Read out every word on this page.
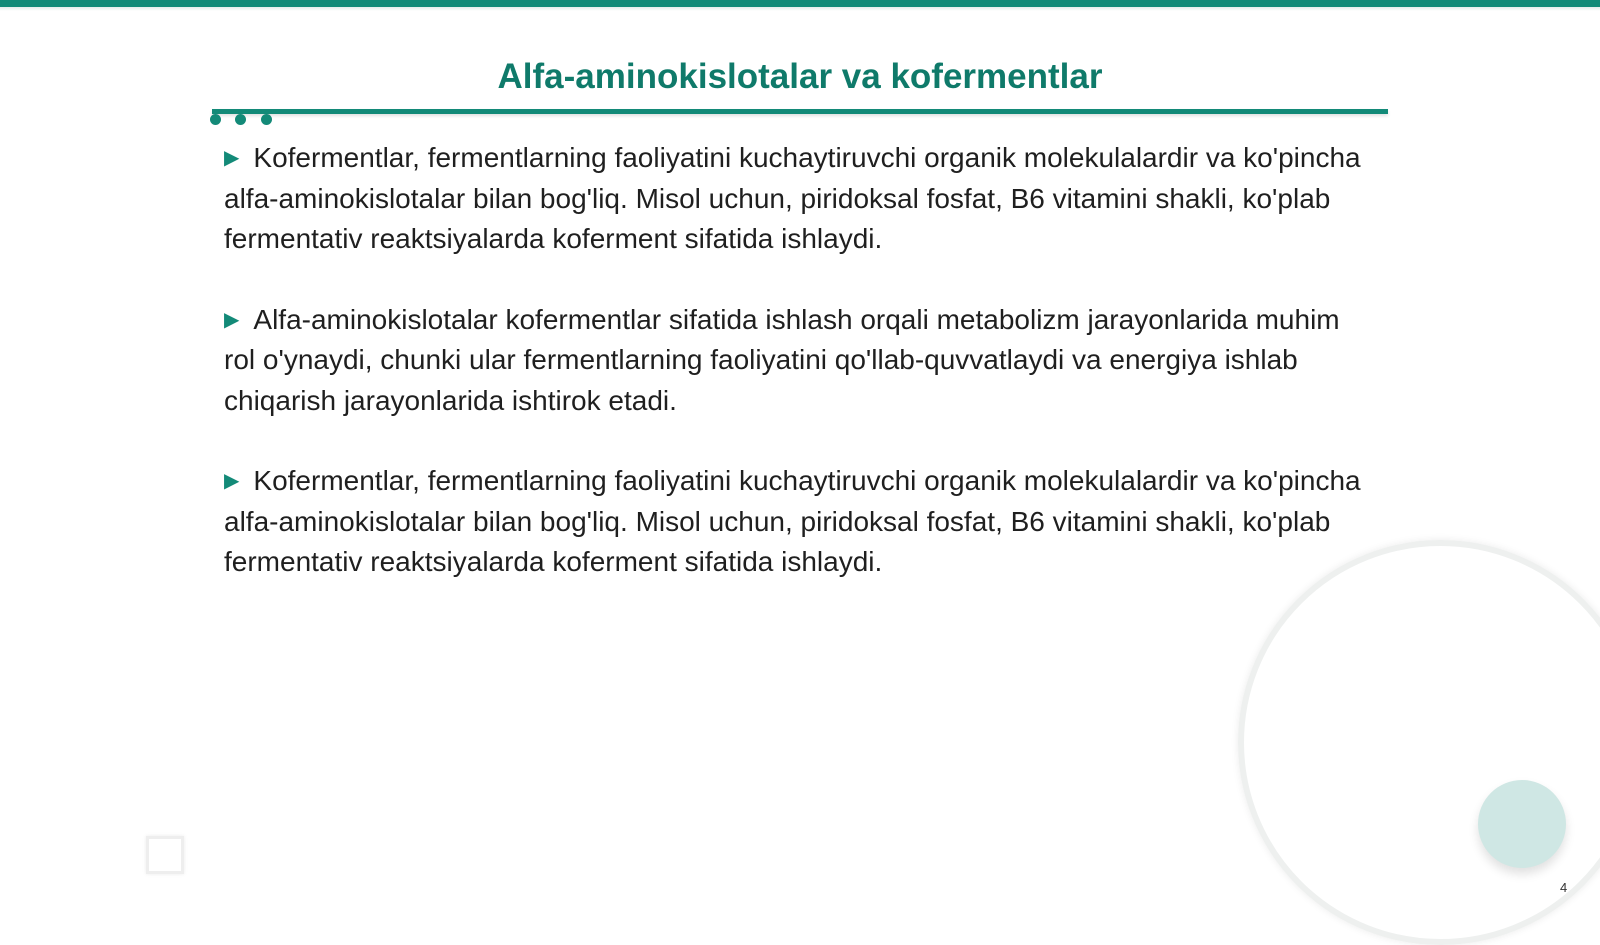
Alfa-aminokislotalar va kofermentlar

▶ Kofermentlar, fermentlarning faoliyatini kuchaytiruvchi organik molekulalardir va ko'pincha alfa-aminokislotalar bilan bog'liq. Misol uchun, piridoksal fosfat, B6 vitamini shakli, ko'plab fermentativ reaktsiyalarda koferment sifatida ishlaydi.

▶ Alfa-aminokislotalar kofermentlar sifatida ishlash orqali metabolizm jarayonlarida muhim rol o'ynaydi, chunki ular fermentlarning faoliyatini qo'llab-quvvatlaydi va energiya ishlab chiqarish jarayonlarida ishtirok etadi.

▶ Kofermentlar, fermentlarning faoliyatini kuchaytiruvchi organik molekulalardir va ko'pincha alfa-aminokislotalar bilan bog'liq. Misol uchun, piridoksal fosfat, B6 vitamini shakli, ko'plab fermentativ reaktsiyalarda koferment sifatida ishlaydi.

4
